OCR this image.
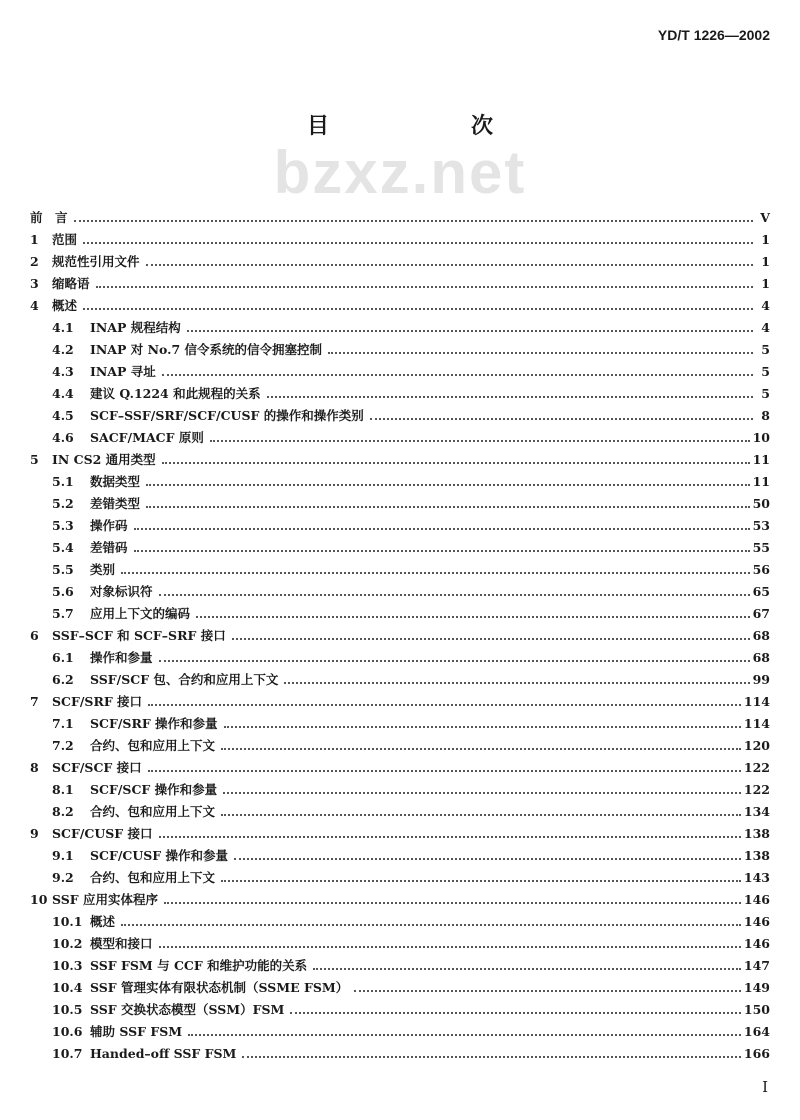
YD/T 1226—2002
目　次
bzxz.net
前　言	V
1	范围	1
2	规范性引用文件	1
3	缩略语	1
4	概述	4
4.1	INAP 规程结构	4
4.2	INAP 对 No.7 信令系统的信令拥塞控制	5
4.3	INAP 寻址	5
4.4	建议 Q.1224 和此规程的关系	5
4.5	SCF–SSF/SRF/SCF/CUSF 的操作和操作类别	8
4.6	SACF/MACF 原则	10
5	IN CS2 通用类型	11
5.1	数据类型	11
5.2	差错类型	50
5.3	操作码	53
5.4	差错码	55
5.5	类别	56
5.6	对象标识符	65
5.7	应用上下文的编码	67
6	SSF–SCF 和 SCF–SRF 接口	68
6.1	操作和参量	68
6.2	SSF/SCF 包、合约和应用上下文	99
7	SCF/SRF 接口	114
7.1	SCF/SRF 操作和参量	114
7.2	合约、包和应用上下文	120
8	SCF/SCF 接口	122
8.1	SCF/SCF 操作和参量	122
8.2	合约、包和应用上下文	134
9	SCF/CUSF 接口	138
9.1	SCF/CUSF 操作和参量	138
9.2	合约、包和应用上下文	143
10 SSF 应用实体程序	146
10.1 概述	146
10.2 模型和接口	146
10.3 SSF FSM 与 CCF 和维护功能的关系	147
10.4 SSF 管理实体有限状态机制（SSME FSM）	149
10.5 SSF 交换状态模型（SSM）FSM	150
10.6 辅助 SSF FSM	164
10.7 Handed–off SSF FSM	166
I
